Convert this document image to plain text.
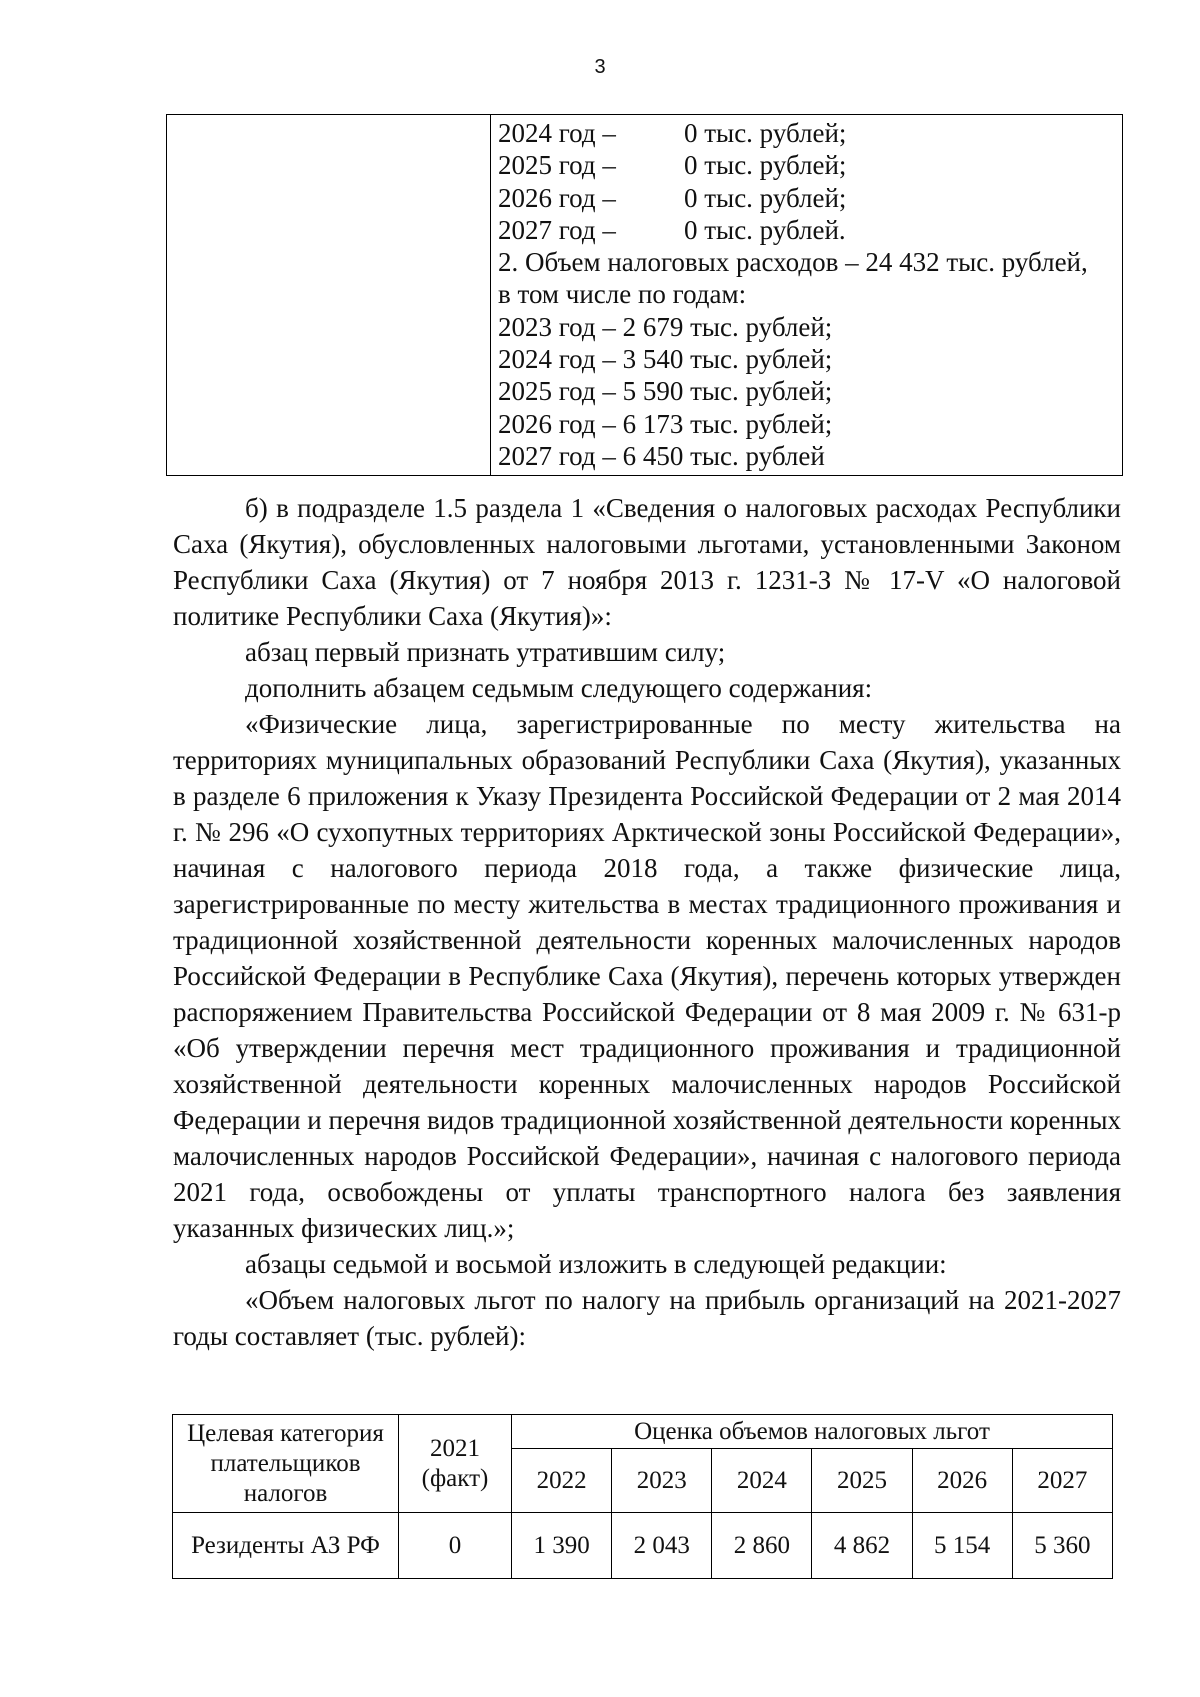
3
2024 год –	0 тыс. рублей;
2025 год –	0 тыс. рублей;
2026 год –	0 тыс. рублей;
2027 год –	0 тыс. рублей.
2. Объем налоговых расходов – 24 432 тыс. рублей,
в том числе по годам:
2023 год – 2 679 тыс. рублей;
2024 год – 3 540 тыс. рублей;
2025 год – 5 590 тыс. рублей;
2026 год – 6 173 тыс. рублей;
2027 год – 6 450 тыс. рублей

б) в подразделе 1.5 раздела 1 «Сведения о налоговых расходах Республики Саха (Якутия), обусловленных налоговыми льготами, установленными Законом Республики Саха (Якутия) от 7 ноября 2013 г. 1231-З № 17-V «О налоговой политике Республики Саха (Якутия)»:

абзац первый признать утратившим силу;

дополнить абзацем седьмым следующего содержания:

«Физические лица, зарегистрированные по месту жительства на территориях муниципальных образований Республики Саха (Якутия), указанных в разделе 6 приложения к Указу Президента Российской Федерации от 2 мая 2014 г. № 296 «О сухопутных территориях Арктической зоны Российской Федерации», начиная с налогового периода 2018 года, а также физические лица, зарегистрированные по месту жительства в местах традиционного проживания и традиционной хозяйственной деятельности коренных малочисленных народов Российской Федерации в Республике Саха (Якутия), перечень которых утвержден распоряжением Правительства Российской Федерации от 8 мая 2009 г. № 631-р «Об утверждении перечня мест традиционного проживания и традиционной хозяйственной деятельности коренных малочисленных народов Российской Федерации и перечня видов традиционной хозяйственной деятельности коренных малочисленных народов Российской Федерации», начиная с налогового периода 2021 года, освобождены от уплаты транспортного налога без заявления указанных физических лиц.»;

абзацы седьмой и восьмой изложить в следующей редакции:

«Объем налоговых льгот по налогу на прибыль организаций на 2021-2027 годы составляет (тыс. рублей):

Целевая категория плательщиков налогов	2021 (факт)	Оценка объемов налоговых льгот					
		2022	2023	2024	2025	2026	2027
Резиденты АЗ РФ	0	1 390	2 043	2 860	4 862	5 154	5 360
